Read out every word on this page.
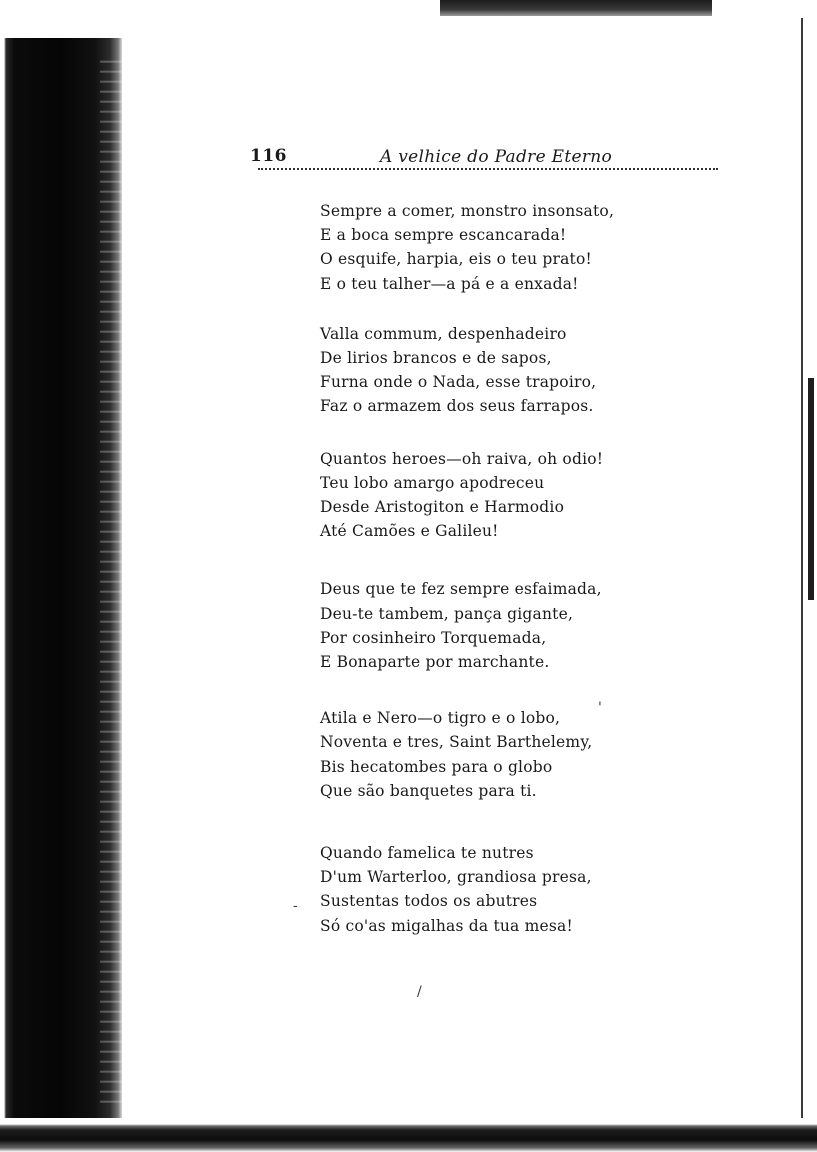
116	A velhice do Padre Eterno
Sempre a comer, monstro insonsato,
E a boca sempre escancarada!
O esquife, harpia, eis o teu prato!
E o teu talher—a pá e a enxada!
Valla commum, despenhadeiro
De lirios brancos e de sapos,
Furna onde o Nada, esse trapoiro,
Faz o armazem dos seus farrapos.
Quantos heroes—oh raiva, oh odio!
Teu lobo amargo apodreceu
Desde Aristogiton e Harmodio
Até Camões e Galileu!
Deus que te fez sempre esfaimada,
Deu-te tambem, pança gigante,
Por cosinheiro Torquemada,
E Bonaparte por marchante.
Atila e Nero—o tigro e o lobo,
Noventa e tres, Saint Barthelemy,
Bis hecatombes para o globo
Que são banquetes para ti.
Quando famelica te nutres
D'um Warterloo, grandiosa presa,
Sustentas todos os abutres
Só co'as migalhas da tua mesa!
-
'
/
